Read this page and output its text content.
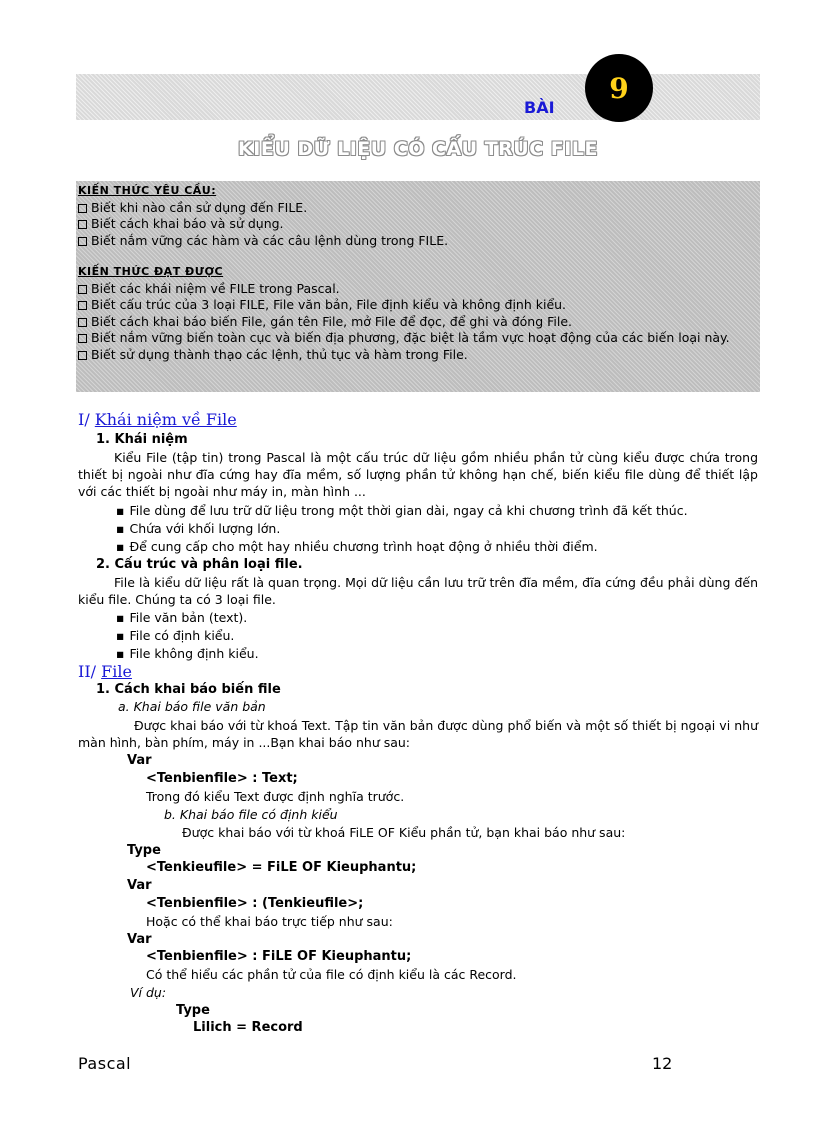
BÀI
9
KIỂU DỮ LIỆU CÓ CẤU TRÚC FILE
KIẾN THỨC YÊU CẦU:
Biết khi nào cần sử dụng đến FILE.
Biết cách khai báo và sử dụng.
Biết nắm vững các hàm và các câu lệnh dùng trong FILE.
KIẾN THỨC ĐẠT ĐƯỢC
Biết các khái niệm về FILE trong Pascal.
Biết cấu trúc của 3 loại FILE, File văn bản, File định kiểu và không định kiểu.
Biết cách khai báo biến File, gán tên File, mở File để đọc, để ghi và đóng File.
Biết nắm vững biến toàn cục và biến địa phương, đặc biệt là tầm vực hoạt động của các biến loại này.
Biết sử dụng thành thạo các lệnh, thủ tục và hàm trong File.
I/ Khái niệm về File
1. Khái niệm
Kiểu File (tập tin) trong Pascal là một cấu trúc dữ liệu gồm nhiều phần tử cùng kiểu được chứa trong thiết bị ngoài như đĩa cứng hay đĩa mềm, số lượng phần tử không hạn chế, biến kiểu file dùng để thiết lập với các thiết bị ngoài như máy in, màn hình ...
▪ File dùng để lưu trữ dữ liệu trong một thời gian dài, ngay cả khi chương trình đã kết thúc.
▪ Chứa với khối lượng lớn.
▪ Để cung cấp cho một hay nhiều chương trình hoạt động ở nhiều thời điểm.
2. Cấu trúc và phân loại file.
File là kiểu dữ liệu rất là quan trọng. Mọi dữ liệu cần lưu trữ trên đĩa mềm, đĩa cứng đều phải dùng đến kiểu file. Chúng ta có 3 loại file.
▪ File văn bản (text).
▪ File có định kiểu.
▪ File không định kiểu.
II/ File
1. Cách khai báo biến file
a. Khai báo file văn bản
Được khai báo với từ khoá Text. Tập tin văn bản được dùng phổ biến và một số thiết bị ngoại vi như màn hình, bàn phím, máy in ...Bạn khai báo như sau:
Var
<Tenbienfile> : Text;
Trong đó kiểu Text được định nghĩa trước.
b. Khai báo file có định kiểu
Được khai báo với từ khoá FiLE OF Kiểu phần tử, bạn khai báo như sau:
Type
<Tenkieufile> = FiLE OF Kieuphantu;
Var
<Tenbienfile> : (Tenkieufile>;
Hoặc có thể khai báo trực tiếp như sau:
Var
<Tenbienfile> : FiLE OF Kieuphantu;
Có thể hiểu các phần tử của file có định kiểu là các Record.
Ví dụ:
Type
Lilich = Record
Pascal	12
